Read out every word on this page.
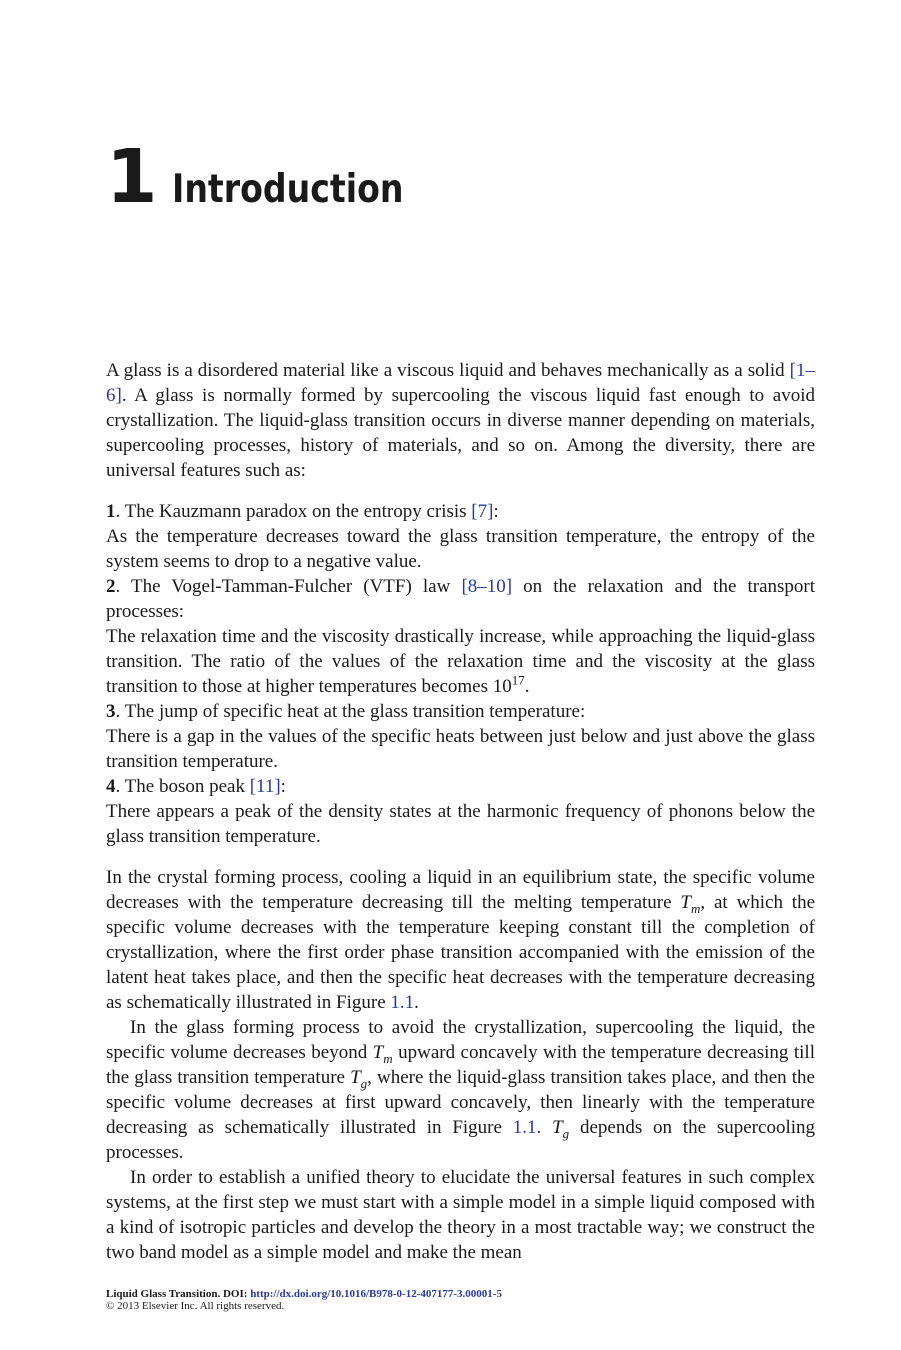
1 Introduction

A glass is a disordered material like a viscous liquid and behaves mechanically as a solid [1–6]. A glass is normally formed by supercooling the viscous liquid fast enough to avoid crystallization. The liquid-glass transition occurs in diverse manner depending on materials, supercooling processes, history of materials, and so on. Among the diversity, there are universal features such as:

1. The Kauzmann paradox on the entropy crisis [7]:

As the temperature decreases toward the glass transition temperature, the entropy of the system seems to drop to a negative value.

2. The Vogel-Tamman-Fulcher (VTF) law [8–10] on the relaxation and the transport processes:

The relaxation time and the viscosity drastically increase, while approaching the liquid-glass transition. The ratio of the values of the relaxation time and the viscosity at the glass transition to those at higher temperatures becomes $10^{17}$.

3. The jump of specific heat at the glass transition temperature:

There is a gap in the values of the specific heats between just below and just above the glass transition temperature.

4. The boson peak [11]:

There appears a peak of the density states at the harmonic frequency of phonons below the glass transition temperature.

In the crystal forming process, cooling a liquid in an equilibrium state, the specific volume decreases with the temperature decreasing till the melting temperature $T_m$, at which the specific volume decreases with the temperature keeping constant till the completion of crystallization, where the first order phase transition accompanied with the emission of the latent heat takes place, and then the specific heat decreases with the temperature decreasing as schematically illustrated in Figure 1.1.

In the glass forming process to avoid the crystallization, supercooling the liquid, the specific volume decreases beyond $T_m$ upward concavely with the temperature decreasing till the glass transition temperature $T_g$, where the liquid-glass transition takes place, and then the specific volume decreases at first upward concavely, then linearly with the temperature decreasing as schematically illustrated in Figure 1.1. $T_g$ depends on the supercooling processes.

In order to establish a unified theory to elucidate the universal features in such complex systems, at the first step we must start with a simple model in a simple liquid composed with a kind of isotropic particles and develop the theory in a most tractable way; we construct the two band model as a simple model and make the mean

Liquid Glass Transition. DOI: http://dx.doi.org/10.1016/B978-0-12-407177-3.00001-5
© 2013 Elsevier Inc. All rights reserved.
